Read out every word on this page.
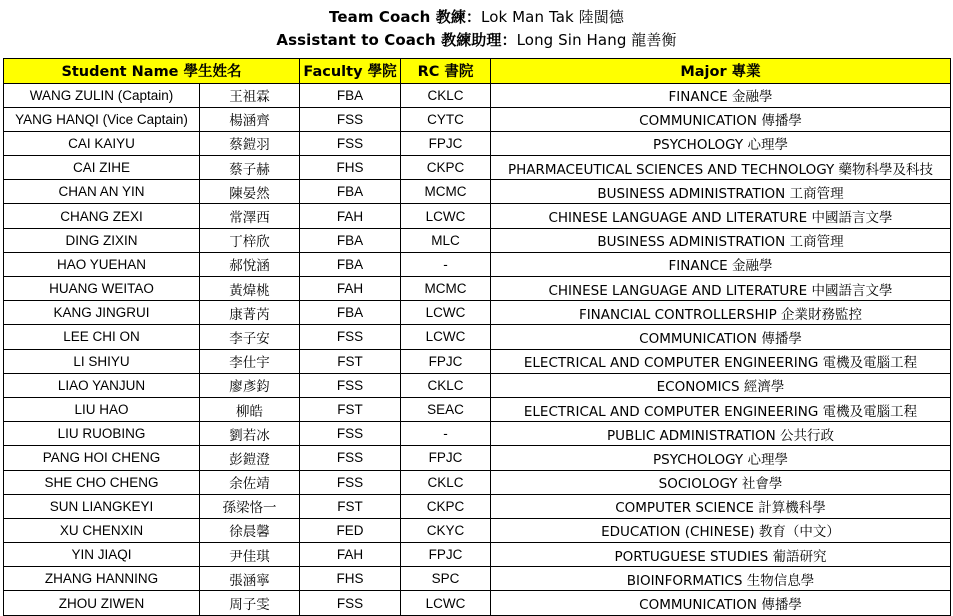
Team Coach 教練：Lok Man Tak 陸閩德
Assistant to Coach 教練助理：Long Sin Hang 龍善衡
Student Name 學生姓名		Faculty 學院	RC 書院	Major 專業
WANG ZULIN (Captain)	王祖霖	FBA	CKLC	FINANCE 金融學
YANG HANQI (Vice Captain)	楊涵齊	FSS	CYTC	COMMUNICATION 傳播學
CAI KAIYU	蔡鎧羽	FSS	FPJC	PSYCHOLOGY 心理學
CAI ZIHE	蔡子赫	FHS	CKPC	PHARMACEUTICAL SCIENCES AND TECHNOLOGY 藥物科學及科技
CHAN AN YIN	陳晏然	FBA	MCMC	BUSINESS ADMINISTRATION 工商管理
CHANG ZEXI	常澤西	FAH	LCWC	CHINESE LANGUAGE AND LITERATURE 中國語言文學
DING ZIXIN	丁梓欣	FBA	MLC	BUSINESS ADMINISTRATION 工商管理
HAO YUEHAN	郝悅涵	FBA	-	FINANCE 金融學
HUANG WEITAO	黃煒桃	FAH	MCMC	CHINESE LANGUAGE AND LITERATURE 中國語言文學
KANG JINGRUI	康菁芮	FBA	LCWC	FINANCIAL CONTROLLERSHIP 企業財務監控
LEE CHI ON	李子安	FSS	LCWC	COMMUNICATION 傳播學
LI SHIYU	李仕宇	FST	FPJC	ELECTRICAL AND COMPUTER ENGINEERING 電機及電腦工程
LIAO YANJUN	廖彥鈞	FSS	CKLC	ECONOMICS 經濟學
LIU HAO	柳皓	FST	SEAC	ELECTRICAL AND COMPUTER ENGINEERING 電機及電腦工程
LIU RUOBING	劉若冰	FSS	-	PUBLIC ADMINISTRATION 公共行政
PANG HOI CHENG	彭鎧澄	FSS	FPJC	PSYCHOLOGY 心理學
SHE CHO CHENG	余佐靖	FSS	CKLC	SOCIOLOGY 社會學
SUN LIANGKEYI	孫梁恪一	FST	CKPC	COMPUTER SCIENCE 計算機科學
XU CHENXIN	徐晨馨	FED	CKYC	EDUCATION (CHINESE) 教育（中文）
YIN JIAQI	尹佳琪	FAH	FPJC	PORTUGUESE STUDIES 葡語研究
ZHANG HANNING	張涵寧	FHS	SPC	BIOINFORMATICS 生物信息學
ZHOU ZIWEN	周子雯	FSS	LCWC	COMMUNICATION 傳播學
